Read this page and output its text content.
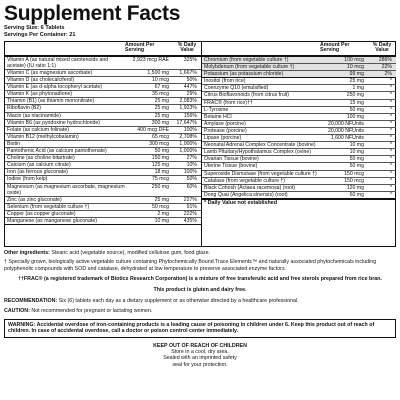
Supplement Facts
Serving Size: 6 Tablets
Servings Per Container: 21
Amount Per Serving
% Daily Value
Vitamin A (as natural mixed carotenoids and acetate) (IU ratio 1:1)
2,923 mcg RAE	325%
Vitamin C (as magnesium ascorbate)	1,500 mg	1,667%
Vitamin D (as cholecalciferol)	10 mcg	50%
Vitamin E (as d-alpha tocopheryl acetate)	67 mg	447%
Vitamin K (as phytonadione)	35 mcg	29%
Thiamin (B1) (as thiamin mononitrate)	25 mg	2,083%
Riboflavin (B2)	25 mg	1,923%
Niacin (as niacinamide)	25 mg	156%
Vitamin B6 (as pyridoxine hydrochloride)	300 mg	17,647%
Folate (as calcium folinate)	400 mcg DFE	100%
Vitamin B12 (methylcobalamin)	65 mcg	2,708%
Biotin	300 mcg	1,000%
Pantothenic Acid (as calcium pantothenate)	50 mg	1,000%
Choline (as choline bitartrate)	150 mg	27%
Calcium (as calcium citrate)	125 mg	10%
Iron (as ferrous gluconate)	18 mg	100%
Iodine (from kelp)	75 mcg	50%
Magnesium (as magnesium ascorbate, magnesium oxide)
250 mg	60%
Zinc (as zinc gluconate)	25 mg	227%
Selenium (from vegetable culture †)	50 mcg	91%
Copper (as copper gluconate)	2 mg	222%
Manganese (as manganese gluconate)	10 mg	435%
Amount Per Serving
% Daily Value
Chromium (from vegetable culture †)	100 mcg	286%
Molybdenum (from vegetable culture †)	10 mcg	22%
Potassium (as potassium chloride)	99 mg	2%
Inositol (from rice)	25 mg	*
Coenzyme Q10 (emulsified)	1 mg	*
Citrus Bioflavonoids (from citrus fruit)	250 mg	*
FRAC® (from rice)††	15 mg	*
L-Tyrosine	50 mg	*
Betaine HCl	100 mg	*
Amylase (porcine)	20,000 NFUnits	*
Protease (porcine)	20,000 NFUnits	*
Lipase (porcine)	1,600 NFUnits	*
Neonatal Adrenal Complex Concentrate (bovine)	10 mg	*
Lamb Pituitary/Hypothalamus Complex (ovine)	10 mg	*
Ovarian Tissue (bovine)	50 mg	*
Uterine Tissue (bovine)	50 mg	*
Superoxide Dismutase (from vegetable culture †)	150 mcg	*
Catalase (from vegetable culture †)	150 mcg	*
Black Cohosh (Actaea racemosa) (root)	120 mg	*
Dong Quai (Angelica sinensis) (root)	60 mg	*
* Daily Value not established
Other ingredients: Stearic acid (vegetable source), modified cellulose gum, food glaze.
† Specially grown, biologically active vegetable culture containing Phytochemically Bound Trace Elements™ and naturally associated phytochemicals including polyphenolic compounds with SOD and catalase, dehydrated at low temperature to preserve associated enzyme factors.
††FRAC® (a registered trademark of Biotics Research Corporation) is a mixture of free transferulic acid and free sterols prepared from rice bran.
This product is gluten and dairy free.
RECOMMENDATION: Six (6) tablets each day as a dietary supplement or as otherwise directed by a healthcare professional.
CAUTION: Not recommended for pregnant or lactating women.
WARNING: Accidental overdose of iron-containing products is a leading cause of poisoning in children under 6. Keep this product out of reach of children. In case of accidental overdose, call a doctor or poison control center immediately.
KEEP OUT OF REACH OF CHILDREN
Store in a cool, dry area.
Sealed with an imprinted safety
seal for your protection.
